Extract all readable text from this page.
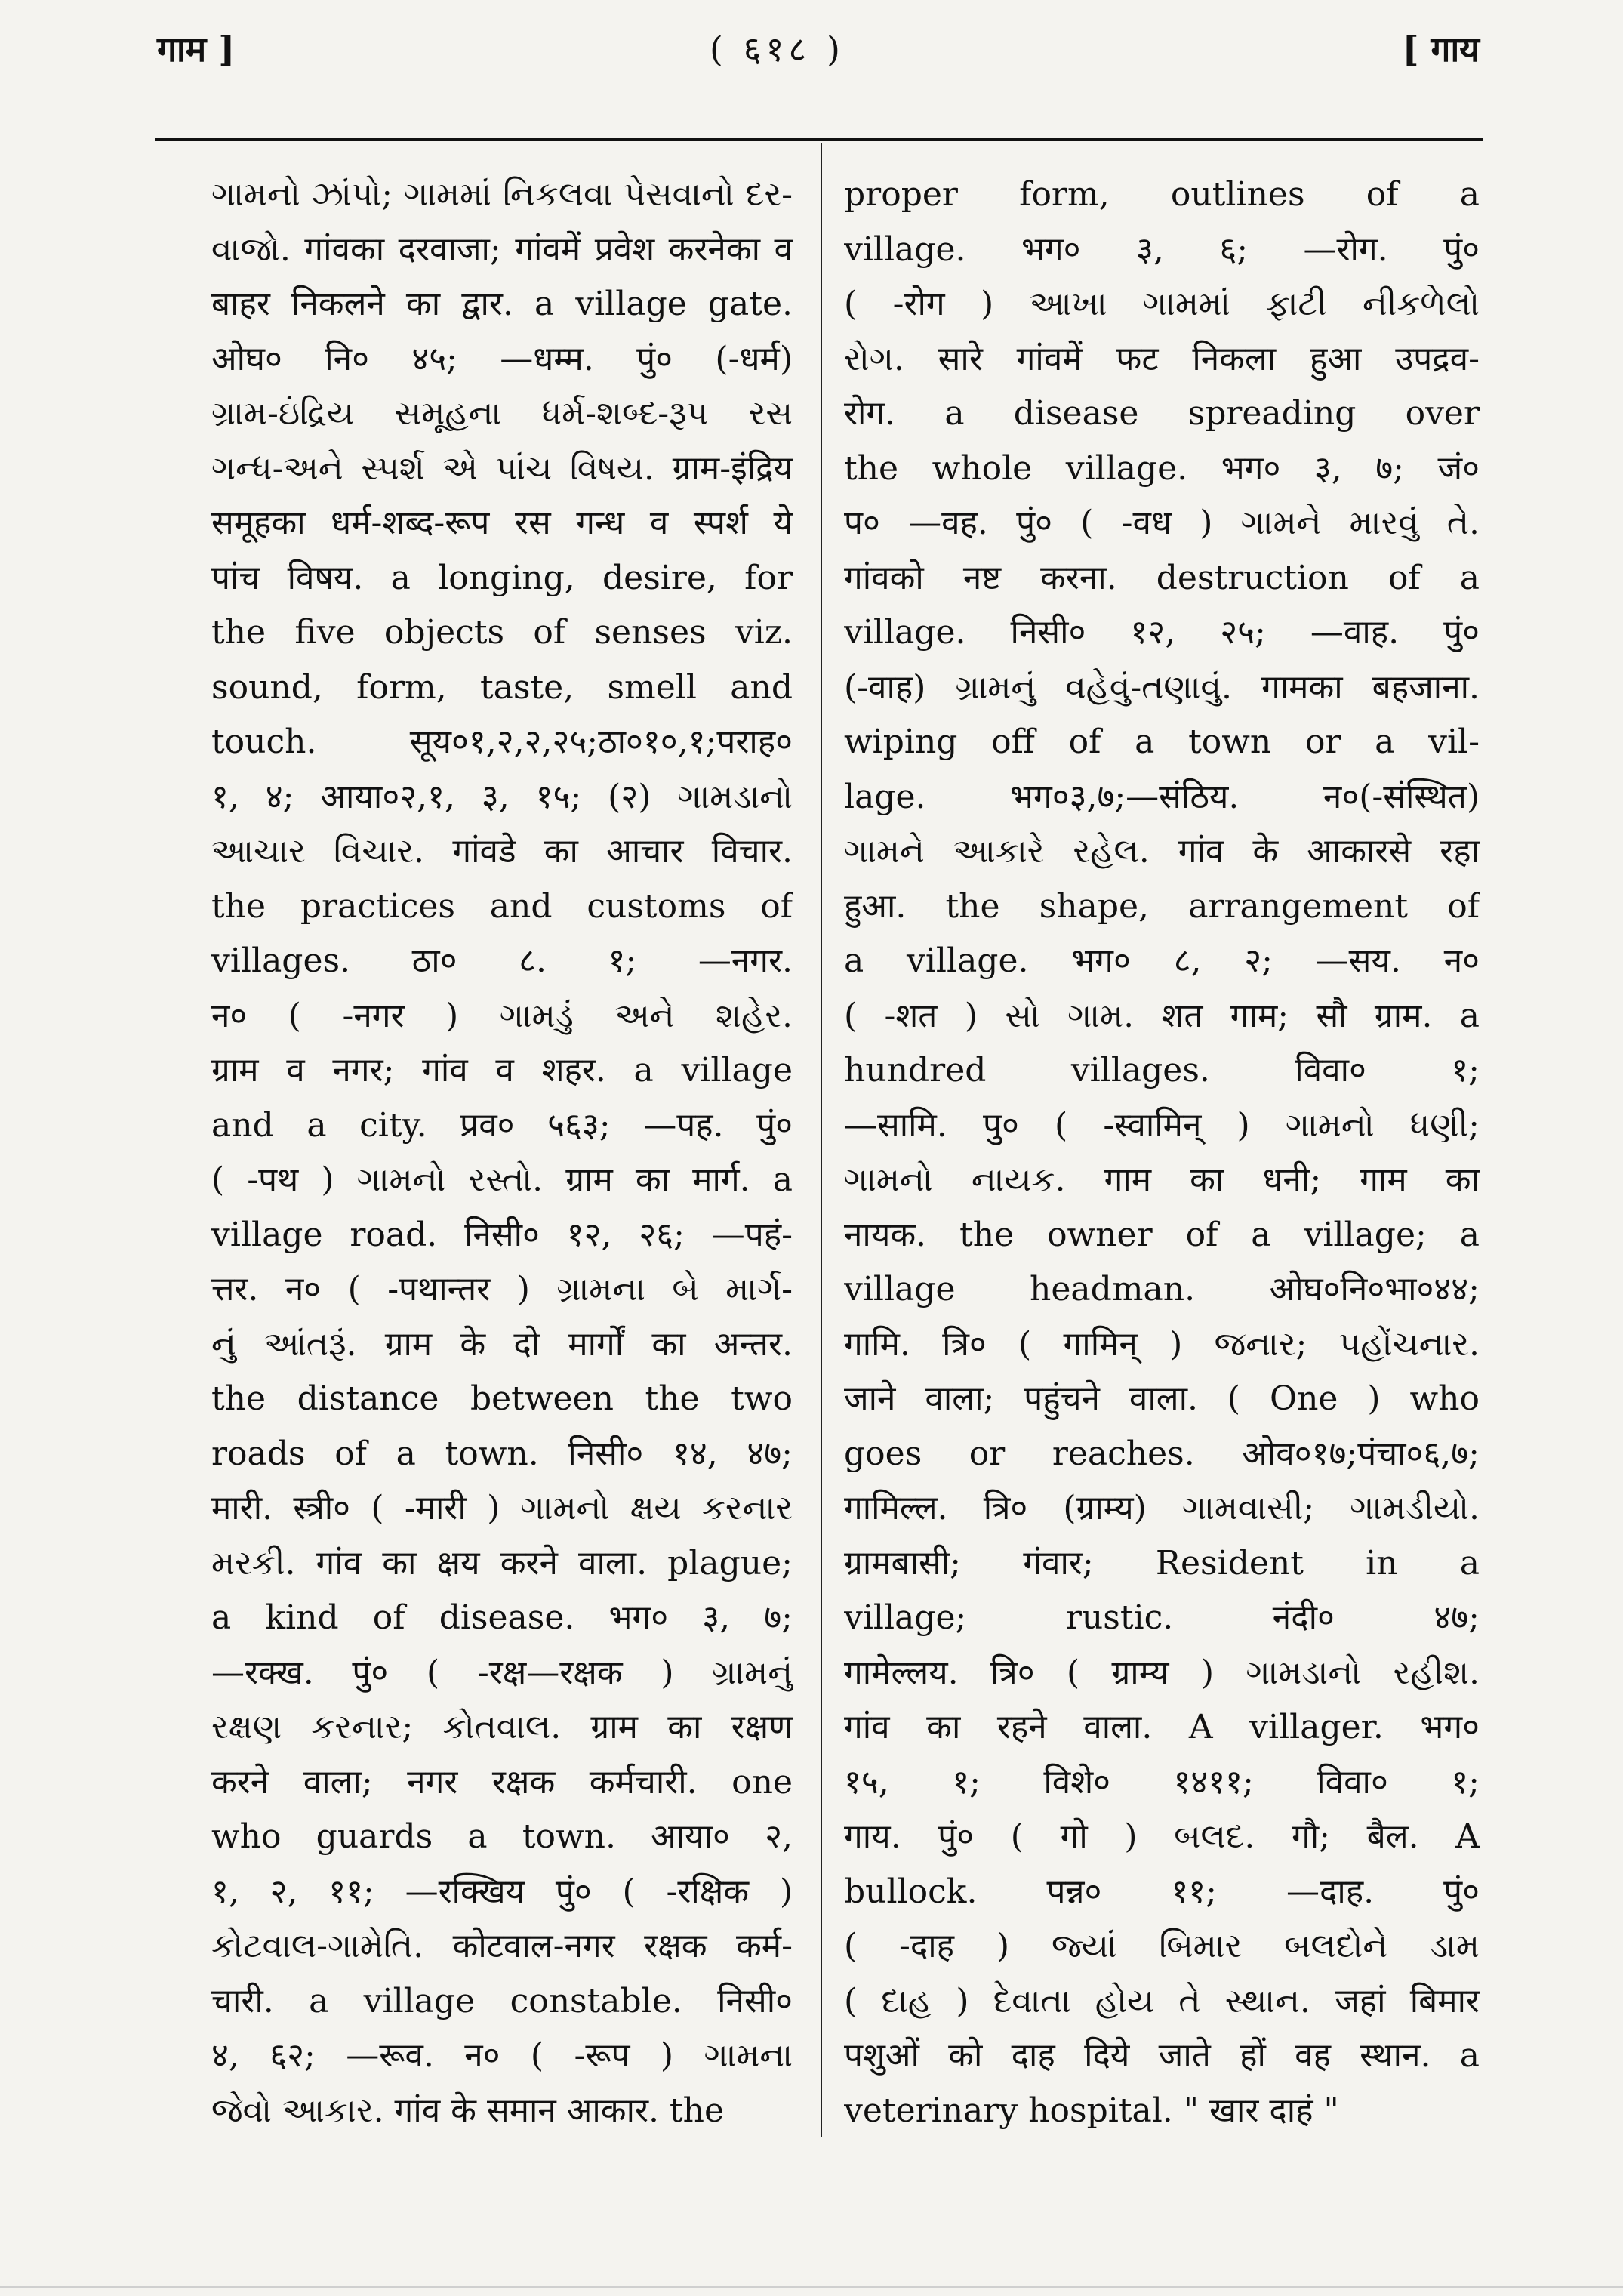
गाम ]	( ६१८ )	[ गाय
ગામનો ઝાંપો; ગામમાં નિકલવા પેસવાનો દર-
વાજો. गांवका दरवाजा; गांवमें प्रवेश करनेका व
बाहर निकलने का द्वार. a village gate.
ओघ० नि० ४५; —धम्म. पुं० (-धर्म)
ગ્રામ-ઇંદ્રિય સમૂહના ધર્મ-શબ્દ-રૂપ રસ
ગન્ધ-અને સ્પર્શ એ પાંચ વિષય. ग्राम-इंद्रिय
समूहका धर्म-शब्द-रूप रस गन्ध व स्पर्श ये
पांच विषय. a longing, desire, for
the five objects of senses viz.
sound, form, taste, smell and
touch. सूय०१,२,२,२५;ठा०१०,१;पराह०
१, ४; आया०२,१, ३, १५; (२) ગામડાનો
આચાર વિચાર. गांवडे का आचार विचार.
the practices and customs of
villages. ठा० ८. १; —नगर.
न० ( -नगर ) ગામડું અને શહેર.
ग्राम व नगर; गांव व शहर. a village
and a city. प्रव० ५६३; —पह. पुं०
( -पथ ) ગામનો રસ્તો. ग्राम का मार्ग. a
village road. निसी० १२, २६; —पहं-
त्तर. न० ( -पथान्तर ) ગ્રામના બે માર્ગ-
નું આંતરૂં. ग्राम के दो मार्गों का अन्तर.
the distance between the two
roads of a town. निसी० १४, ४७;
मारी. स्त्री० ( -मारी ) ગામનો ક્ષય કરનાર
મરકી. गांव का क्षय करने वाला. plague;
a kind of disease. भग० ३, ७;
—रक्ख. पुं० ( -रक्ष—रक्षक ) ગ્રામનું
રક્ષણ કરનાર; કોતવાલ. ग्राम का रक्षण
करने वाला; नगर रक्षक कर्मचारी. one
who guards a town. आया० २,
१, २, ११; —रक्खिय पुं० ( -रक्षिक )
કોટવાલ-ગામેતિ. कोटवाल-नगर रक्षक कर्म-
चारी. a village constable. निसी०
४, ६२; —रूव. न० ( -रूप ) ગામના
જેવો આકાર. गांव के समान आकार. the
proper form, outlines of a
village. भग० ३, ६; —रोग. पुं०
( -रोग ) આખા ગામમાં ફાટી નીકળેલો
રોગ. सारे गांवमें फट निकला हुआ उपद्रव-
रोग. a disease spreading over
the whole village. भग० ३, ७; जं०
प० —वह. पुं० ( -वध ) ગામને મારવું તે.
गांवको नष्ट करना. destruction of a
village. निसी० १२, २५; —वाह. पुं०
(-वाह) ગ્રામનું વહેવું-તણાવું. गामका बहजाना.
wiping off of a town or a vil-
lage. भग०३,७;—संठिय. न०(-संस्थित)
ગામને આકારે રહેલ. गांव के आकारसे रहा
हुआ. the shape, arrangement of
a village. भग० ८, २; —सय. न०
( -शत ) સો ગામ. शत गाम; सौ ग्राम. a
hundred villages. विवा० १;
—सामि. पु० ( -स्वामिन् ) ગામનો ધણી;
ગામનો નાયક. गाम का धनी; गाम का
नायक. the owner of a village; a
village headman. ओघ०नि०भा०४४;
गामि. त्रि० ( गामिन् ) જનાર; પહોંચનાર.
जाने वाला; पहुंचने वाला. ( One ) who
goes or reaches. ओव०१७;पंचा०६,७;
गामिल्ल. त्रि० (ग्राम्य) ગામવાસી; ગામડીયો.
ग्रामबासी; गंवार; Resident in a
village; rustic. नंदी० ४७;
गामेल्लय. त्रि० ( ग्राम्य ) ગામડાનો રહીશ.
गांव का रहने वाला. A villager. भग०
१५, १; विशे० १४११; विवा० १;
गाय. पुं० ( गो ) બલદ. गौ; बैल. A
bullock. पन्न० ११; —दाह. पुं०
( -दाह ) જ્યાં બિમાર બલદોને ડામ
( દાહ ) દેવાતા હોય તે સ્થાન. जहां बिमार
पशुओं को दाह दिये जाते हों वह स्थान. a
veterinary hospital. " खार दाहं "
